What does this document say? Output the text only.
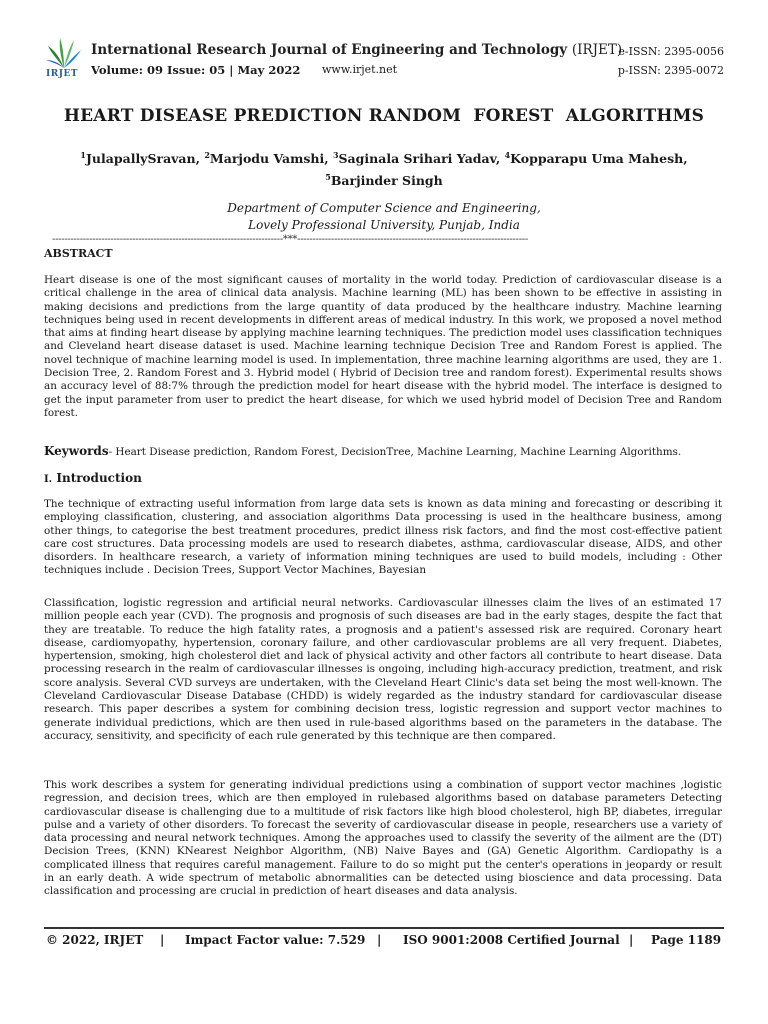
IRJET
International Research Journal of Engineering and Technology (IRJET)
Volume: 09 Issue: 05 | May 2022 www.irjet.net
e-ISSN: 2395-0056
p-ISSN: 2395-0072
HEART DISEASE PREDICTION RANDOM  FOREST  ALGORITHMS
$^1$JulapallySravan, $^2$Marjodu Vamshi, $^3$Saginala Srihari Yadav, $^4$Kopparapu Uma Mahesh,
$^5$Barjinder Singh
Department of Computer Science and Engineering,
Lovely Professional University, Punjab, India
---------------------------------------------------------------------------***---------------------------------------------------------------------------
ABSTRACT

Heart disease is one of the most significant causes of mortality in the world today. Prediction of cardiovascular disease is a critical challenge in the area of clinical data analysis. Machine learning (ML) has been shown to be effective in assisting in making decisions and predictions from the large quantity of data produced by the healthcare industry. Machine learning techniques being used in recent developments in different areas of medical industry. In this work, we proposed a novel method that aims at finding heart disease by applying machine learning techniques. The prediction model uses classification techniques and Cleveland heart disease dataset is used. Machine learning technique Decision Tree and Random Forest is applied. The novel technique of machine learning model is used. In implementation, three machine learning algorithms are used, they are 1. Decision Tree, 2. Random Forest and 3. Hybrid model ( Hybrid of Decision tree and random forest). Experimental results shows an accuracy level of 88:7% through the prediction model for heart disease with the hybrid model. The interface is designed to get the input parameter from user to predict the heart disease, for which we used hybrid model of Decision Tree and Random forest.

Keywords- Heart Disease prediction, Random Forest, DecisionTree, Machine Learning, Machine Learning Algorithms.
I. Introduction

The technique of extracting useful information from large data sets is known as data mining and forecasting or describing it employing classification, clustering, and association algorithms Data processing is used in the healthcare business, among other things, to categorise the best treatment procedures, predict illness risk factors, and find the most cost-effective patient care cost structures. Data processing models are used to research diabetes, asthma, cardiovascular disease, AIDS, and other disorders. In healthcare research, a variety of information mining techniques are used to build models, including : Other techniques include . Decision Trees, Support Vector Machines, Bayesian

Classification, logistic regression and artificial neural networks. Cardiovascular illnesses claim the lives of an estimated 17 million people each year (CVD). The prognosis and prognosis of such diseases are bad in the early stages, despite the fact that they are treatable. To reduce the high fatality rates, a prognosis and a patient's assessed risk are required. Coronary heart disease, cardiomyopathy, hypertension, coronary failure, and other cardiovascular problems are all very frequent. Diabetes, hypertension, smoking, high cholesterol diet and lack of physical activity and other factors all contribute to heart disease. Data processing research in the realm of cardiovascular illnesses is ongoing, including high-accuracy prediction, treatment, and risk score analysis. Several CVD surveys are undertaken, with the Cleveland Heart Clinic's data set being the most well-known. The Cleveland Cardiovascular Disease Database (CHDD) is widely regarded as the industry standard for cardiovascular disease research. This paper describes a system for combining decision tress, logistic regression and support vector machines to generate individual predictions, which are then used in rule-based algorithms based on the parameters in the database. The accuracy, sensitivity, and specificity of each rule generated by this technique are then compared.

This work describes a system for generating individual predictions using a combination of support vector machines ,logistic regression, and decision trees, which are then employed in rulebased algorithms based on database parameters Detecting cardiovascular disease is challenging due to a multitude of risk factors like high blood cholesterol, high BP, diabetes, irregular pulse and a variety of other disorders. To forecast the severity of cardiovascular disease in people, researchers use a variety of data processing and neural network techniques. Among the approaches used to classify the severity of the ailment are the (DT) Decision Trees, (KNN) KNearest Neighbor Algorithm, (NB) Naive Bayes and (GA) Genetic Algorithm. Cardiopathy is a complicated illness that requires careful management. Failure to do so might put the center's operations in jeopardy or result in an early death. A wide spectrum of metabolic abnormalities can be detected using bioscience and data processing. Data classification and processing are crucial in prediction of heart diseases and data analysis.

© 2022, IRJET | Impact Factor value: 7.529 | ISO 9001:2008 Certified Journal | Page 1189
